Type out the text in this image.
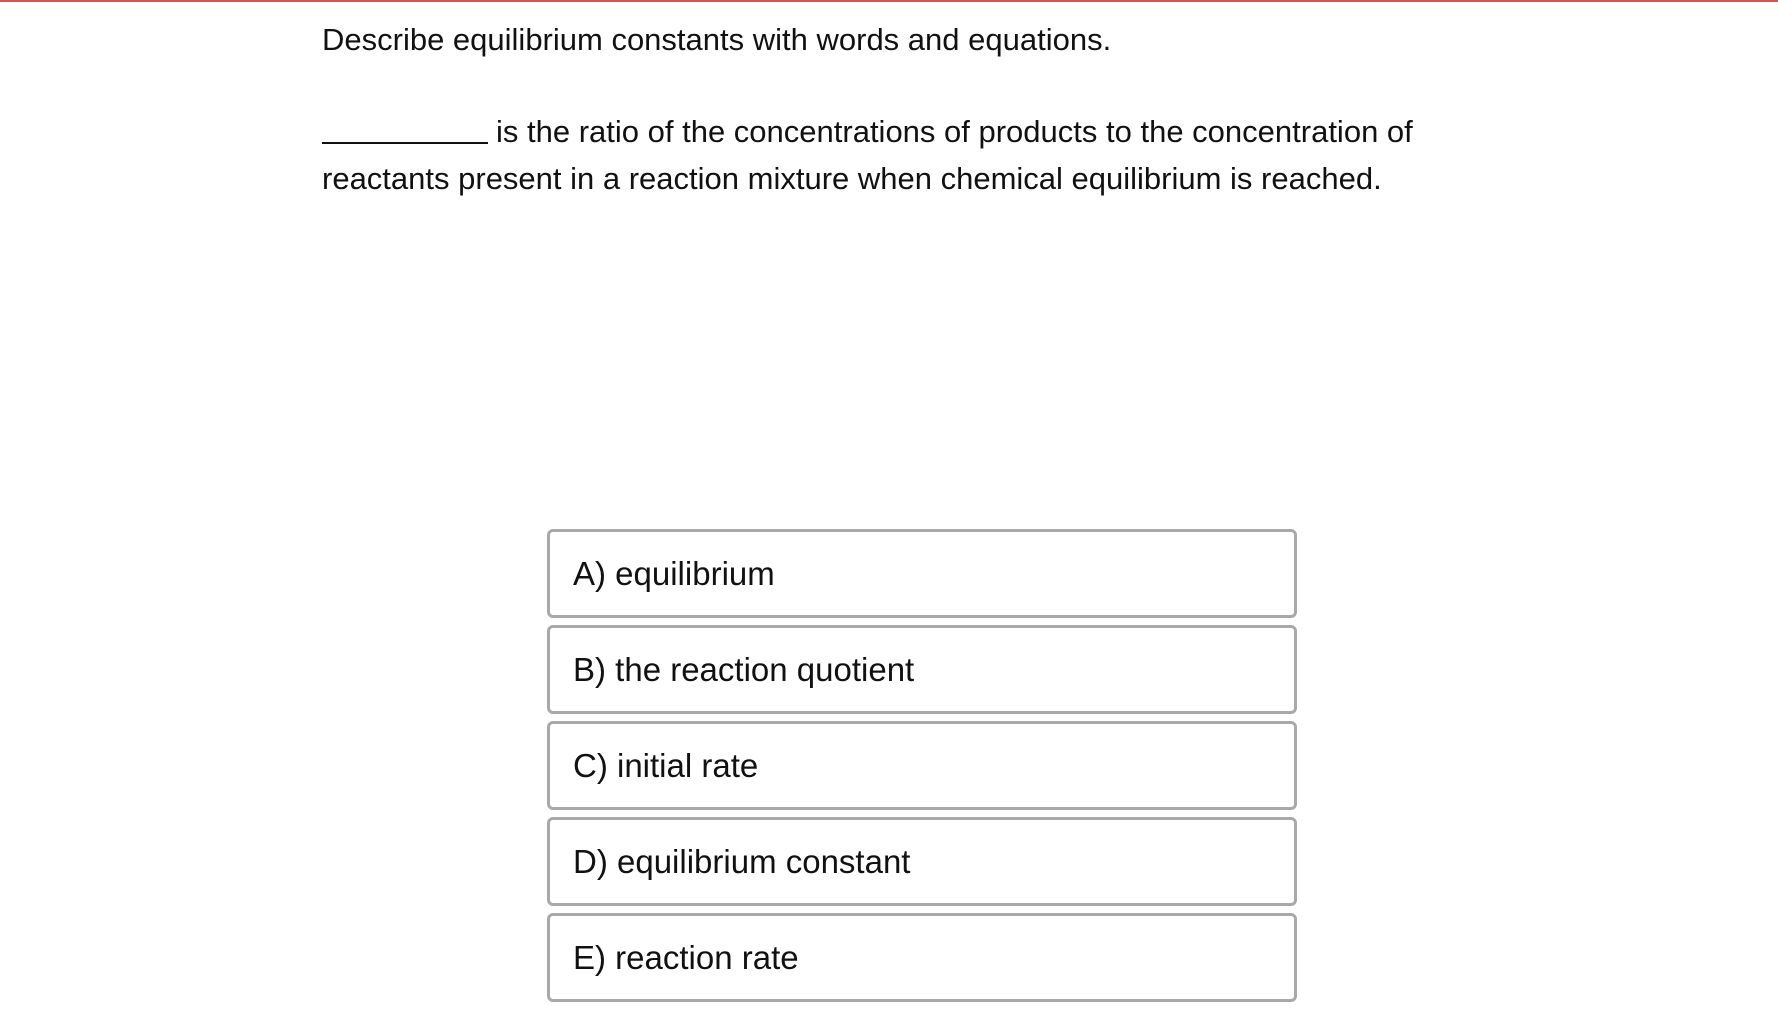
Describe equilibrium constants with words and equations.
is the ratio of the concentrations of products to the concentration of reactants present in a reaction mixture when chemical equilibrium is reached.
A) equilibrium
B) the reaction quotient
C) initial rate
D) equilibrium constant
E) reaction rate
